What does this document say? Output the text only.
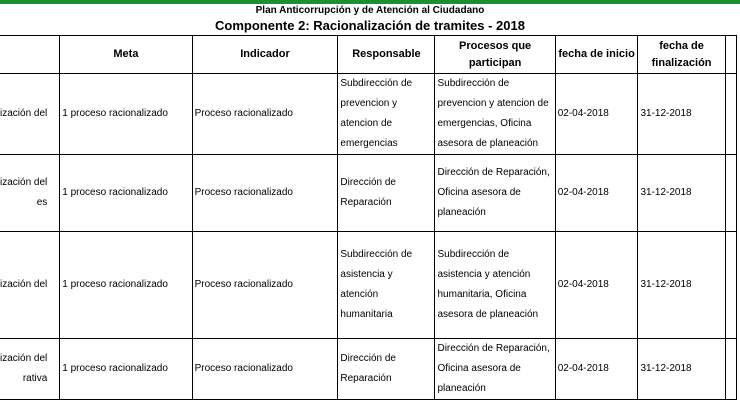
Plan Anticorrupción y de Atención al Ciudadano
Componente 2: Racionalización de tramites - 2018
	Meta	Indicador	Responsable	Procesos que participan	fecha de inicio	fecha de finalización	

ización del	1 proceso racionalizado	Proceso racionalizado	Subdirección de prevencion y atencion de emergencias	Subdirección de prevencion y atencion de emergencias, Oficina asesora de planeación	02-04-2018	31-12-2018	

ización del
es	1 proceso racionalizado	Proceso racionalizado	Dirección de Reparación	Dirección de Reparación, Oficina asesora de planeación	02-04-2018	31-12-2018	

ización del	1 proceso racionalizado	Proceso racionalizado	Subdirección de asistencia y atención humanitaria	Subdirección de asistencia y atención humanitaria, Oficina asesora de planeación	02-04-2018	31-12-2018	

ización del
rativa	1 proceso racionalizado	Proceso racionalizado	Dirección de Reparación	Dirección de Reparación, Oficina asesora de planeación	02-04-2018	31-12-2018	
